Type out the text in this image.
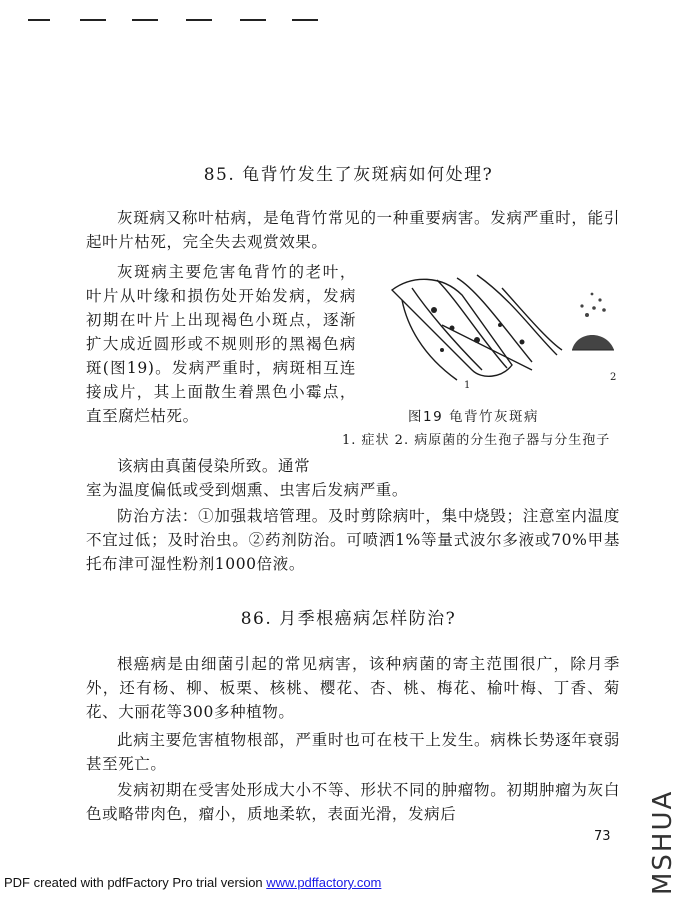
85. 龟背竹发生了灰斑病如何处理?

灰斑病又称叶枯病，是龟背竹常见的一种重要病害。发病严重时，能引起叶片枯死，完全失去观赏效果。

灰斑病主要危害龟背竹的老叶，叶片从叶缘和损伤处开始发病，发病初期在叶片上出现褐色小斑点，逐渐扩大成近圆形或不规则形的黑褐色病斑(图19)。发病严重时，病斑相互连接成片，其上面散生着黑色小霉点，直至腐烂枯死。

该病由真菌侵染所致。通常

室为温度偏低或受到烟熏、虫害后发病严重。

防治方法：①加强栽培管理。及时剪除病叶，集中烧毁；注意室内温度不宜过低；及时治虫。②药剂防治。可喷洒1%等量式波尔多液或70%甲基托布津可湿性粉剂1000倍液。

1
2
图19 龟背竹灰斑病
1. 症状 2. 病原菌的分生孢子器与分生孢子
86. 月季根癌病怎样防治?

根癌病是由细菌引起的常见病害，该种病菌的寄主范围很广，除月季外，还有杨、柳、板栗、核桃、樱花、杏、桃、梅花、榆叶梅、丁香、菊花、大丽花等300多种植物。

此病主要危害植物根部，严重时也可在枝干上发生。病株长势逐年衰弱甚至死亡。

发病初期在受害处形成大小不等、形状不同的肿瘤物。初期肿瘤为灰白色或略带肉色，瘤小，质地柔软，表面光滑，发病后

73
PDF created with pdfFactory Pro trial version www.pdffactory.com	MSHUA
